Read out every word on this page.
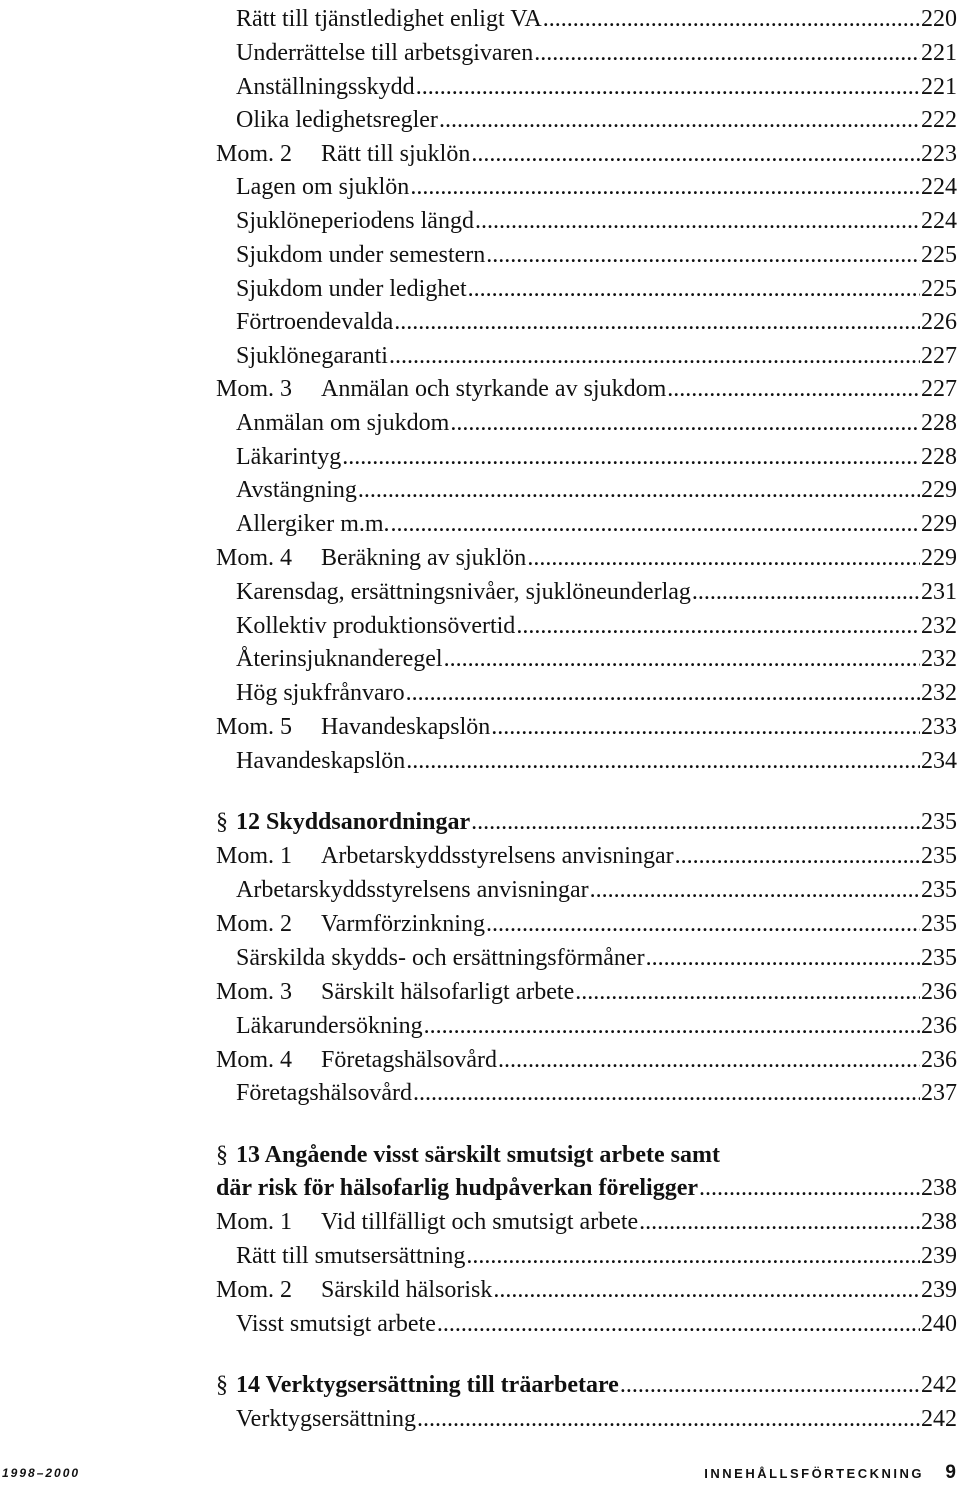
Rätt till tjänstledighet enligt VA .....	220
Underrättelse till arbetsgivaren .....	221
Anställningsskydd .....	221
Olika ledighetsregler .....	222
Mom. 2	Rätt till sjuklön .....	223
Lagen om sjuklön .....	224
Sjuklöneperiodens längd .....	224
Sjukdom under semestern .....	225
Sjukdom under ledighet .....	225
Förtroendevalda .....	226
Sjuklönegaranti .....	227
Mom. 3	Anmälan och styrkande av sjukdom .....	227
Anmälan om sjukdom .....	228
Läkarintyg .....	228
Avstängning .....	229
Allergiker m.m. .....	229
Mom. 4	Beräkning av sjuklön .....	229
Karensdag, ersättningsnivåer, sjuklöneunderlag .....	231
Kollektiv produktionsövertid .....	232
Återinsjuknanderegel .....	232
Hög sjukfrånvaro .....	232
Mom. 5	Havandeskapslön .....	233
Havandeskapslön .....	234
§ 12 Skyddsanordningar .....	235
Mom. 1	Arbetarskyddsstyrelsens anvisningar .....	235
Arbetarskyddsstyrelsens anvisningar .....	235
Mom. 2	Varmförzinkning .....	235
Särskilda skydds- och ersättningsförmåner .....	235
Mom. 3	Särskilt hälsofarligt arbete .....	236
Läkarundersökning .....	236
Mom. 4	Företagshälsovård .....	236
Företagshälsovård .....	237
§ 13 Angående visst särskilt smutsigt arbete samt
där risk för hälsofarlig hudpåverkan föreligger .....	238
Mom. 1	Vid tillfälligt och smutsigt arbete .....	238
Rätt till smutsersättning .....	239
Mom. 2	Särskild hälsorisk .....	239
Visst smutsigt arbete .....	240
§ 14 Verktygsersättning till träarbetare .....	242
Verktygsersättning .....	242
1998–2000	INNEHÅLLSFÖRTECKNING 9
